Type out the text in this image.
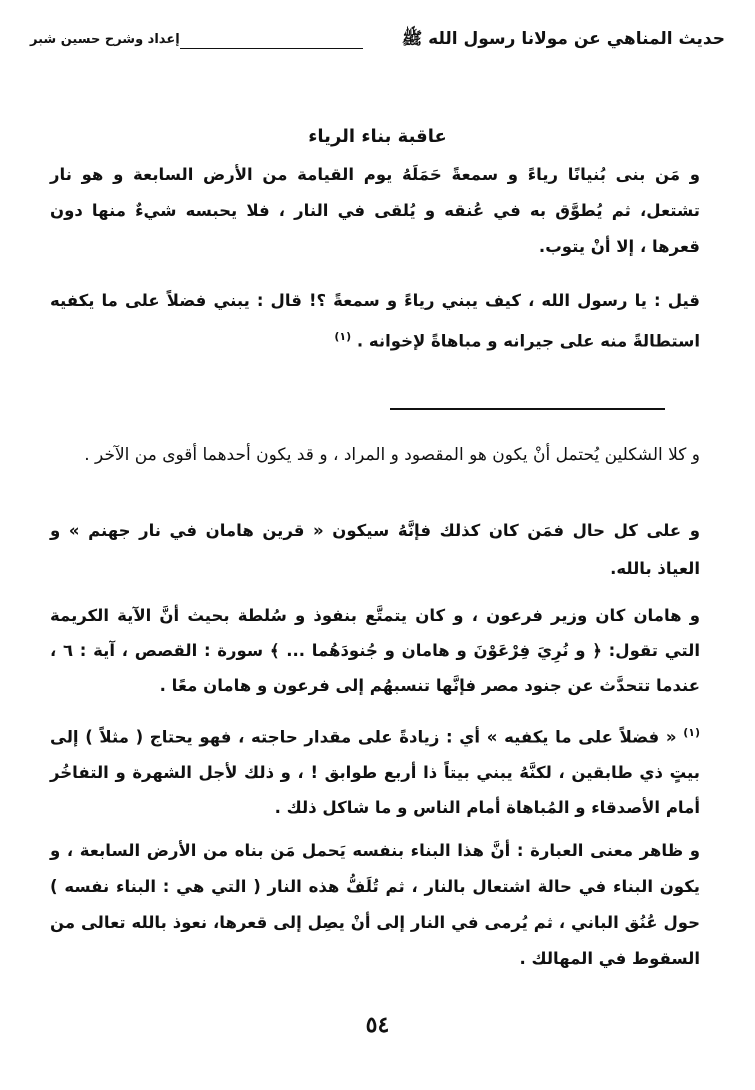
حديث المناهي عن مولانا رسول الله ﷺ
إعداد وشرح حسين شبر
عاقبة بناء الرياء
و مَن بنى بُنيانًا رياءً و سمعةً حَمَلَهُ يوم القيامة من الأرض السابعة و هو نار تشتعل، ثم يُطوَّق به في عُنقه و يُلقى في النار ، فلا يحبسه شيءٌ منها دون قعرها ، إلا أنْ يتوب.
قيل : يا رسول الله ، كيف يبني رياءً و سمعةً ؟! قال : يبني فضلاً على ما يكفيه استطالةً منه على جيرانه و مباهاةً لإخوانه . $^{(١)}$
و كلا الشكلين يُحتمل أنْ يكون هو المقصود و المراد ، و قد يكون أحدهما أقوى من الآخر .
و على كل حال فمَن كان كذلك فإنَّهُ سيكون « قرين هامان في نار جهنم » و العياذ بالله.
و هامان كان وزير فرعون ، و كان يتمتَّع بنفوذ و سُلطة بحيث أنَّ الآية الكريمة التي تقول: ﴿ و نُرِيَ فِرْعَوْنَ و هامان و جُنودَهُما ... ﴾ سورة : القصص ، آية : ٦ ، عندما تتحدَّث عن جنود مصر فإنَّها تنسبهُم إلى فرعون و هامان معًا .
$^{(١)}$ « فضلاً على ما يكفيه » أي : زيادةً على مقدار حاجته ، فهو يحتاج ( مثلاً ) إلى بيتٍ ذي طابقين ، لكنَّهُ يبني بيتاً ذا أربع طوابق ! ، و ذلك لأجل الشهرة و التفاخُر أمام الأصدقاء و المُباهاة أمام الناس و ما شاكل ذلك .
و ظاهر معنى العبارة : أنَّ هذا البناء بنفسه يَحمل مَن بناه من الأرض السابعة ، و يكون البناء في حالة اشتعال بالنار ، ثم تُلَفُّ هذه النار ( التي هي : البناء نفسه ) حول عُنُق الباني ، ثم يُرمى في النار إلى أنْ يصِل إلى قعرها، نعوذ بالله تعالى من السقوط في المهالك .
٥٤
